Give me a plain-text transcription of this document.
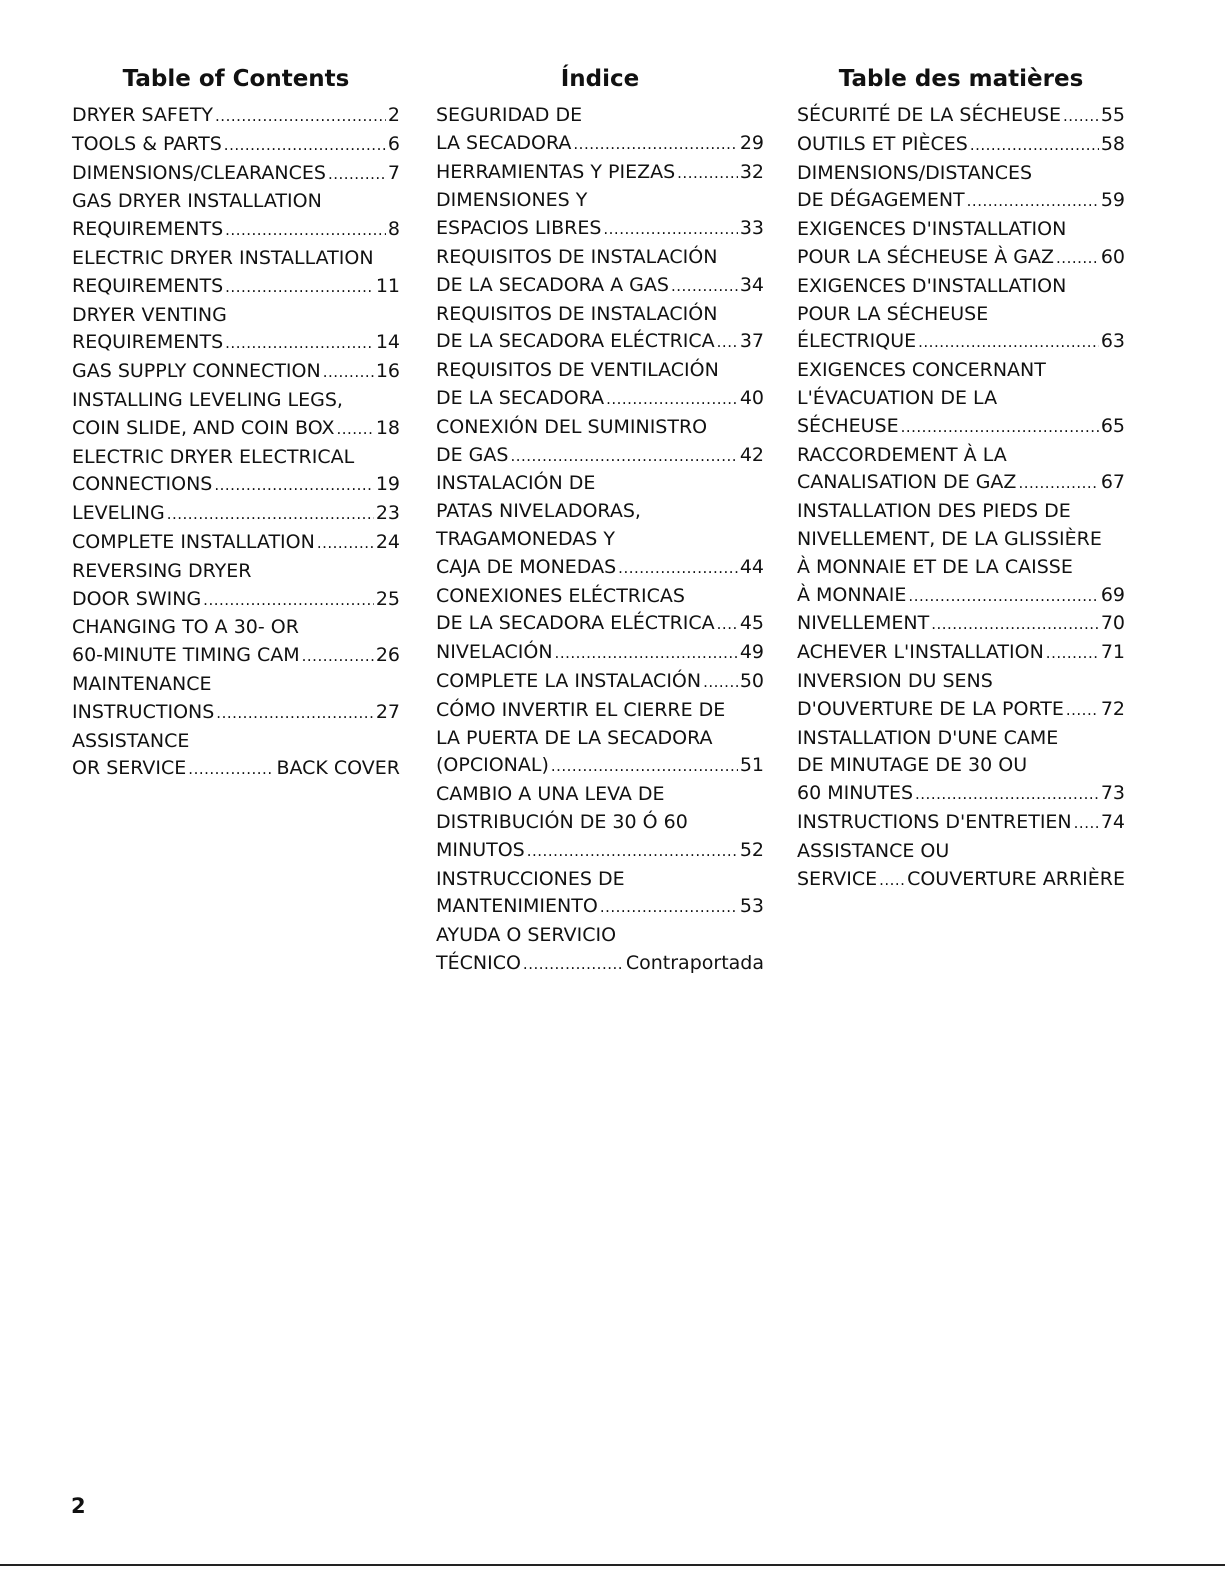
Table of Contents
DRYER SAFETY .....	2
TOOLS & PARTS .....	6
DIMENSIONS/CLEARANCES .....	7
GAS DRYER INSTALLATION
REQUIREMENTS .....	8
ELECTRIC DRYER INSTALLATION
REQUIREMENTS .....	11
DRYER VENTING
REQUIREMENTS .....	14
GAS SUPPLY CONNECTION .....	16
INSTALLING LEVELING LEGS,
COIN SLIDE, AND COIN BOX ..... 18
ELECTRIC DRYER ELECTRICAL
CONNECTIONS .....	19
LEVELING .....	23
COMPLETE INSTALLATION .....	24
REVERSING DRYER
DOOR SWING .....	25
CHANGING TO A 30- OR
60-MINUTE TIMING CAM .....	26
MAINTENANCE
INSTRUCTIONS .....	27
ASSISTANCE
OR SERVICE .....	BACK COVER
Índice
SEGURIDAD DE
LA SECADORA .....	29
HERRAMIENTAS Y PIEZAS .....	32
DIMENSIONES Y
ESPACIOS LIBRES .....	33
REQUISITOS DE INSTALACIÓN
DE LA SECADORA A GAS .....	34
REQUISITOS DE INSTALACIÓN
DE LA SECADORA ELÉCTRICA ..... 37
REQUISITOS DE VENTILACIÓN
DE LA SECADORA .....	40
CONEXIÓN DEL SUMINISTRO
DE GAS .....	42
INSTALACIÓN DE
PATAS NIVELADORAS,
TRAGAMONEDAS Y
CAJA DE MONEDAS .....	44
CONEXIONES ELÉCTRICAS
DE LA SECADORA ELÉCTRICA ..... 45
NIVELACIÓN .....	49
COMPLETE LA INSTALACIÓN ..... 50
CÓMO INVERTIR EL CIERRE DE
LA PUERTA DE LA SECADORA
(OPCIONAL) .....	51
CAMBIO A UNA LEVA DE
DISTRIBUCIÓN DE 30 Ó 60
MINUTOS .....	52
INSTRUCCIONES DE
MANTENIMIENTO .....	53
AYUDA O SERVICIO
TÉCNICO .....	Contraportada
Table des matières
SÉCURITÉ DE LA SÉCHEUSE ..... 55
OUTILS ET PIÈCES .....	58
DIMENSIONS/DISTANCES
DE DÉGAGEMENT .....	59
EXIGENCES D'INSTALLATION
POUR LA SÉCHEUSE À GAZ ..... 60
EXIGENCES D'INSTALLATION
POUR LA SÉCHEUSE
ÉLECTRIQUE .....	63
EXIGENCES CONCERNANT
L'ÉVACUATION DE LA
SÉCHEUSE .....	65
RACCORDEMENT À LA
CANALISATION DE GAZ .....	67
INSTALLATION DES PIEDS DE
NIVELLEMENT, DE LA GLISSIÈRE
À MONNAIE ET DE LA CAISSE
À MONNAIE .....	69
NIVELLEMENT .....	70
ACHEVER L'INSTALLATION .....	71
INVERSION DU SENS
D'OUVERTURE DE LA PORTE ..... 72
INSTALLATION D'UNE CAME
DE MINUTAGE DE 30 OU
60 MINUTES .....	73
INSTRUCTIONS D'ENTRETIEN ..... 74
ASSISTANCE OU
SERVICE ..... COUVERTURE ARRIÈRE
2
